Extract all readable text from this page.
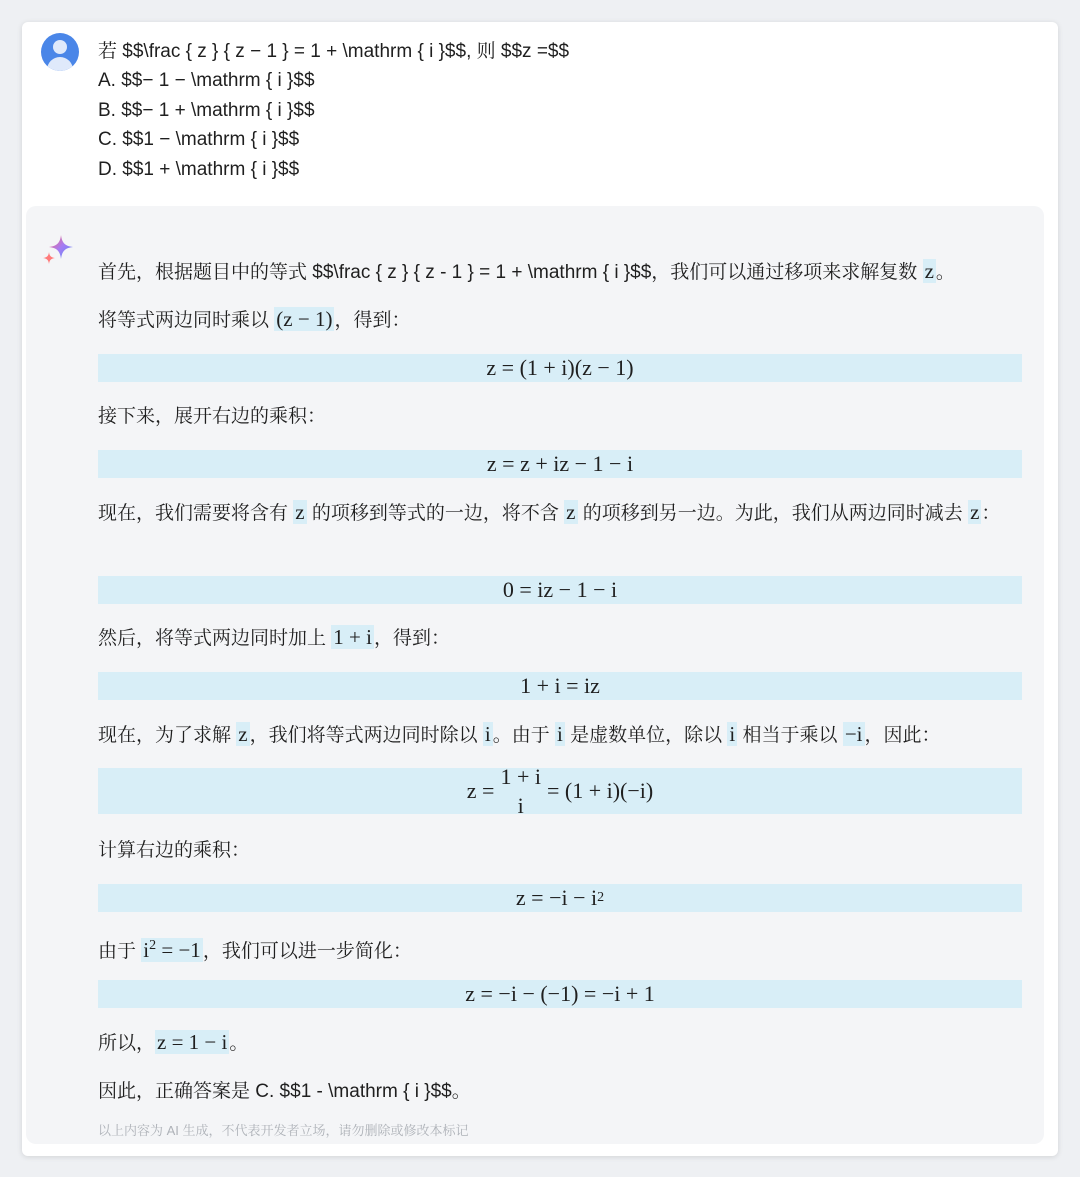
若 $$\frac { z } { z − 1 } = 1 + \mathrm { i }$$, 则 $$z =$$
A. $$− 1 − \mathrm { i }$$
B. $$− 1 + \mathrm { i }$$
C. $$1 − \mathrm { i }$$
D. $$1 + \mathrm { i }$$
首先，根据题目中的等式 $$\frac { z } { z - 1 } = 1 + \mathrm { i }$$，我们可以通过移项来求解复数 z 。
将等式两边同时乘以 (z − 1) ，得到：
z = (1 + i)(z − 1)
接下来，展开右边的乘积：
z = z + iz − 1 − i
现在，我们需要将含有 z 的项移到等式的一边，将不含 z 的项移到另一边。为此，我们从两边同时减去 z ：
0 = iz − 1 − i
然后，将等式两边同时加上 1 + i ，得到：
1 + i = iz
现在，为了求解 z ，我们将等式两边同时除以 i 。由于 i 是虚数单位，除以 i 相当于乘以 −i ，因此：
z =
1 + i
i
= (1 + i)(−i)
计算右边的乘积：
z = −i − i 2
由于 $i^2 = -1$ ，我们可以进一步简化：
z = −i − (−1) = −i + 1
所以，z = 1 − i 。
因此，正确答案是 C. $$1 - \mathrm { i }$$。
以上内容为 AI 生成，不代表开发者立场，请勿删除或修改本标记
